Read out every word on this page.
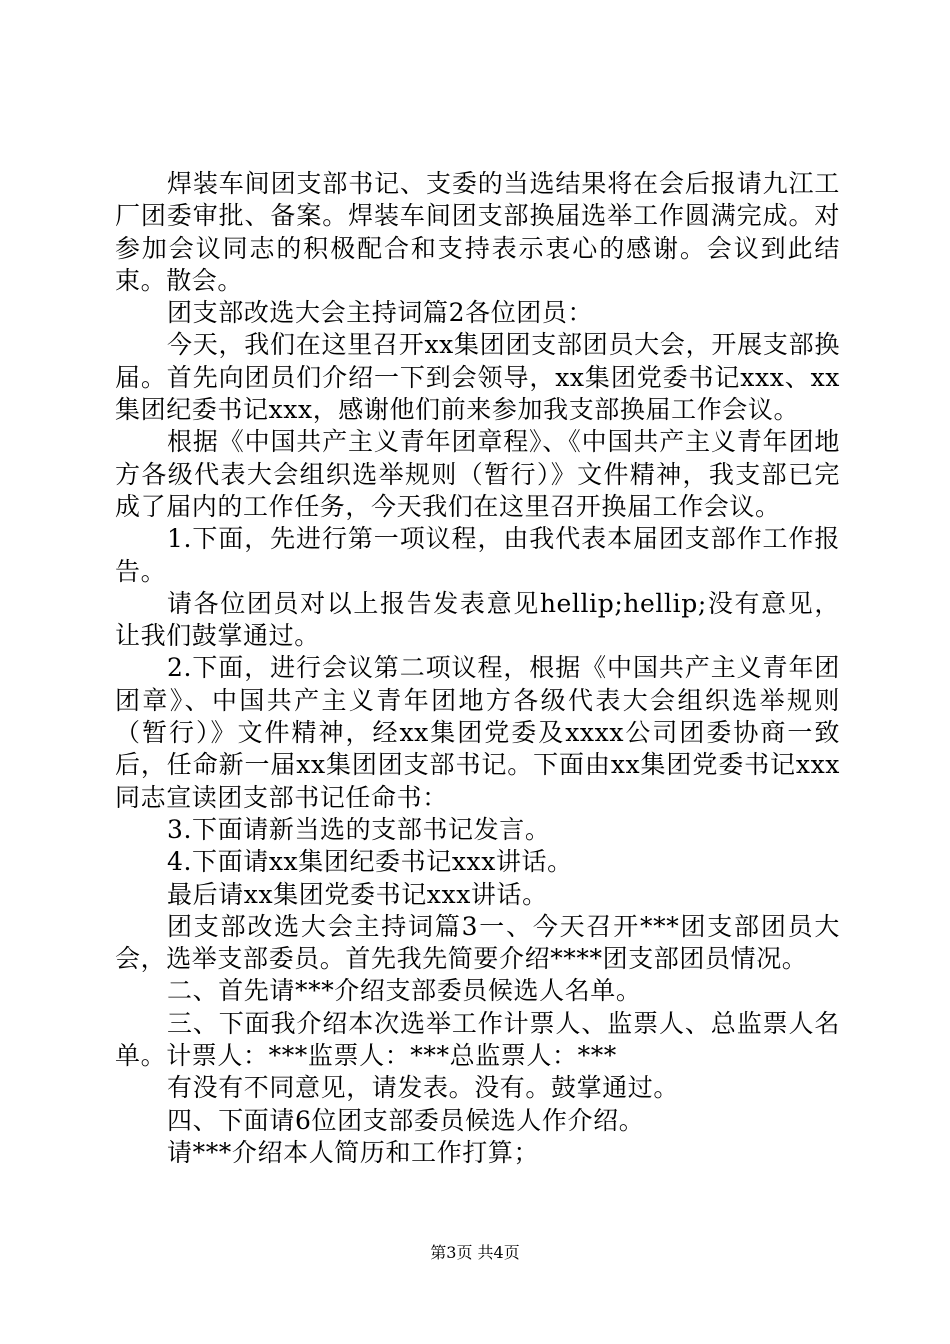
焊装车间团支部书记、支委的当选结果将在会后报请九江工厂团委审批、备案。焊装车间团支部换届选举工作圆满完成。对参加会议同志的积极配合和支持表示衷心的感谢。会议到此结束。散会。

团支部改选大会主持词篇2各位团员：

今天，我们在这里召开xx集团团支部团员大会，开展支部换届。首先向团员们介绍一下到会领导，xx集团党委书记xxx、xx集团纪委书记xxx，感谢他们前来参加我支部换届工作会议。

根据《中国共产主义青年团章程》、《中国共产主义青年团地方各级代表大会组织选举规则（暂行）》文件精神，我支部已完成了届内的工作任务，今天我们在这里召开换届工作会议。

1.下面，先进行第一项议程，由我代表本届团支部作工作报告。

请各位团员对以上报告发表意见hellip;hellip;没有意见，让我们鼓掌通过。

2.下面，进行会议第二项议程，根据《中国共产主义青年团团章》、中国共产主义青年团地方各级代表大会组织选举规则（暂行）》文件精神，经xx集团党委及xxxx公司团委协商一致后，任命新一届xx集团团支部书记。下面由xx集团党委书记xxx同志宣读团支部书记任命书：

3.下面请新当选的支部书记发言。

4.下面请xx集团纪委书记xxx讲话。

最后请xx集团党委书记xxx讲话。

团支部改选大会主持词篇3一、今天召开***团支部团员大会，选举支部委员。首先我先简要介绍****团支部团员情况。

二、首先请***介绍支部委员候选人名单。

三、下面我介绍本次选举工作计票人、监票人、总监票人名单。计票人：***监票人：***总监票人：***

有没有不同意见，请发表。没有。鼓掌通过。

四、下面请6位团支部委员候选人作介绍。

请***介绍本人简历和工作打算；

第3页 共4页
